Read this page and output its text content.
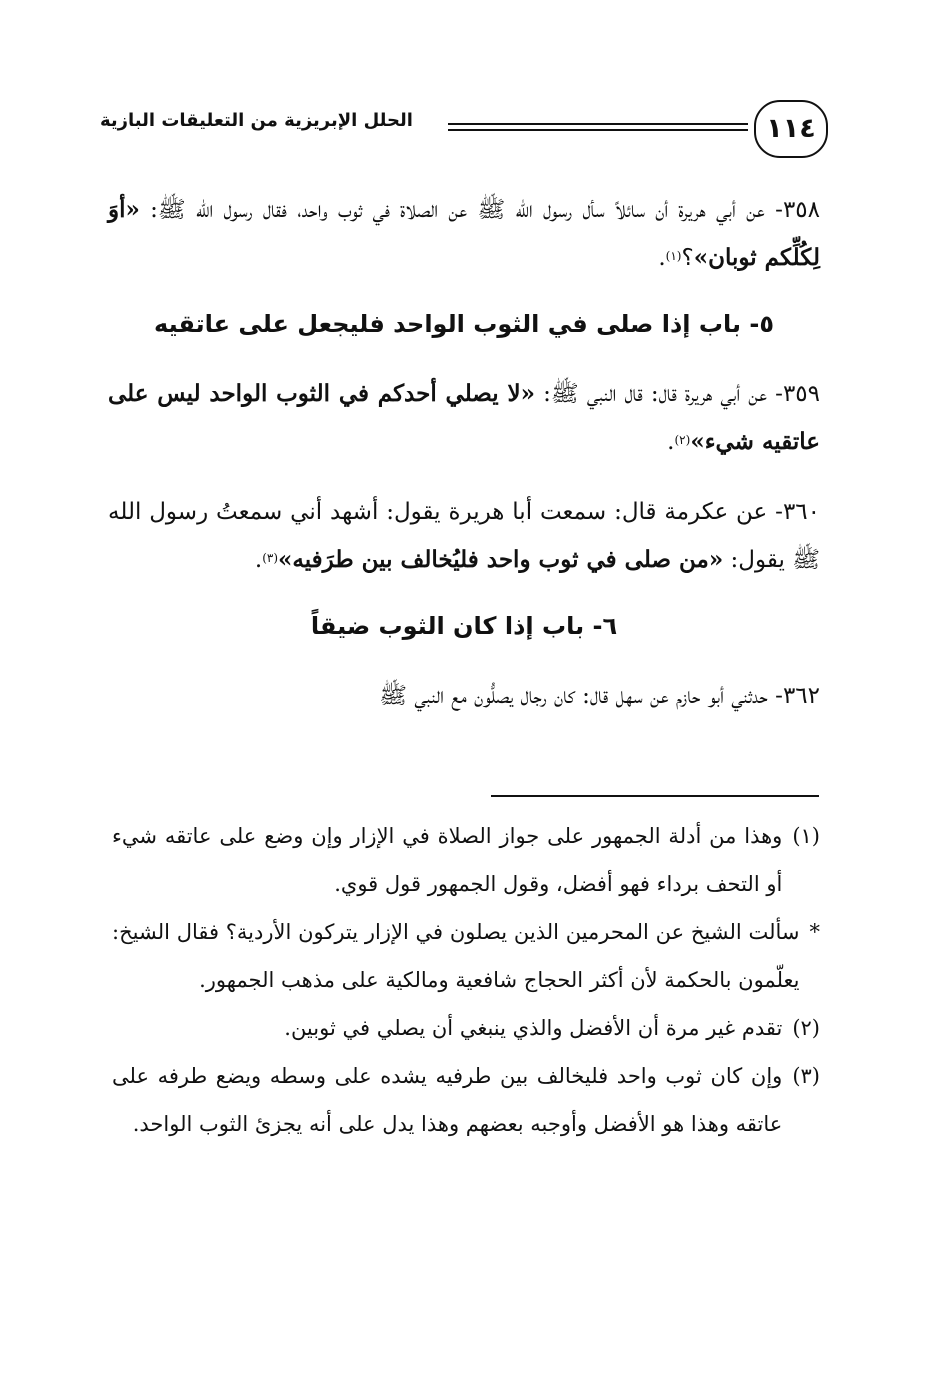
١١٤
الحلل الإبريزية من التعليقات البازية

٣٥٨- عن أبي هريرة أن سائلاً سأل رسول الله ﷺ عن الصلاة في ثوب واحد، فقال رسول الله ﷺ: «أوَ لِكُلِّكم ثوبان»؟$^{(١)}$.

٥- باب إذا صلى في الثوب الواحد فليجعل على عاتقيه

٣٥٩- عن أبي هريرة قال: قال النبي ﷺ: «لا يصلي أحدكم في الثوب الواحد ليس على عاتقيه شيء»$^{(٢)}$.

٣٦٠- عن عكرمة قال: سمعت أبا هريرة يقول: أشهد أني سمعتُ رسول الله ﷺ يقول: «من صلى في ثوب واحد فليُخالف بين طرَفيه»$^{(٣)}$.

٦- باب إذا كان الثوب ضيقاً

٣٦٢- حدثني أبو حازم عن سهل قال: كان رجال يصلُّون مع النبي ﷺ

(١)
وهذا من أدلة الجمهور على جواز الصلاة في الإزار وإن وضع على عاتقه شيء أو التحف برداء فهو أفضل، وقول الجمهور قول قوي.
*
سألت الشيخ عن المحرمين الذين يصلون في الإزار يتركون الأردية؟ فقال الشيخ: يعلّمون بالحكمة لأن أكثر الحجاج شافعية ومالكية على مذهب الجمهور.
(٢)
تقدم غير مرة أن الأفضل والذي ينبغي أن يصلي في ثوبين.
(٣)
وإن كان ثوب واحد فليخالف بين طرفيه يشده على وسطه ويضع طرفه على عاتقه وهذا هو الأفضل وأوجبه بعضهم وهذا يدل على أنه يجزئ الثوب الواحد.
